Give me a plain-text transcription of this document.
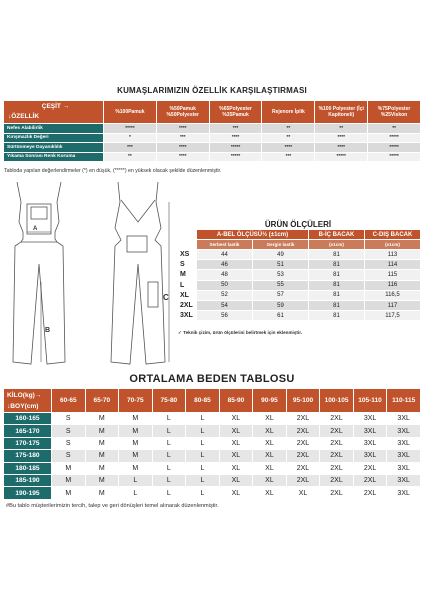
KUMAŞLARIMIZIN ÖZELLİK KARŞILAŞTIRMASI
ÇEŞİT →
↓ÖZELLİK	%100Pamuk	%50Pamuk %50Polyester	%65Polyester %35Pamuk	Rejenore İplik	%100 Polyester (İçi Kapitoneli)	%75Polyester %25Viskon
Nefes Alabilirlik	*****	****	***	**	**	**
Kırışmazlık Değeri	*	***	****	**	****	*****
Sürtünmeye Dayanıklılık	***	****	*****	****	****	*****
Yıkama Sonrası Renk Koruma	**	****	*****	***	*****	*****
Tabloda yapılan değerlendirmeler (*) en düşük, (*****) en yüksek olacak şekilde düzenlenmiştir.
A
B
C
ÜRÜN ÖLÇÜLERİ
	A-BEL ÖLÇÜSÜ½ (±1cm)		B-İÇ BACAK	C-DIŞ BACAK
	Serbest lastik	Gergin lastik	(±1cm)	(±1cm)
XS	44	49	81	113
S	46	51	81	114
M	48	53	81	115
L	50	55	81	116
XL	52	57	81	116,5
2XL	54	59	81	117
3XL	56	61	81	117,5
✓ Teknik çizim, ürün ölçülerini belirtmek için eklenmiştir.
ORTALAMA BEDEN TABLOSU
KİLO(kg)→
↓BOY(cm)	60-65	65-70	70-75	75-80	80-85	85-90	90-95	95-100	100-105	105-110	110-115
160-165	S	M	M	L	L	XL	XL	2XL	2XL	3XL	3XL
165-170	S	M	M	L	L	XL	XL	2XL	2XL	3XL	3XL
170-175	S	M	M	L	L	XL	XL	2XL	2XL	3XL	3XL
175-180	S	M	M	L	L	XL	XL	2XL	2XL	3XL	3XL
180-185	M	M	M	L	L	XL	XL	2XL	2XL	2XL	3XL
185-190	M	M	L	L	L	XL	XL	2XL	2XL	2XL	3XL
190-195	M	M	L	L	L	XL	XL	XL	2XL	2XL	3XL
#Bu tablo müşterilerimizin tercih, talep ve geri dönüşleri temel alınarak düzenlenmiştir.
